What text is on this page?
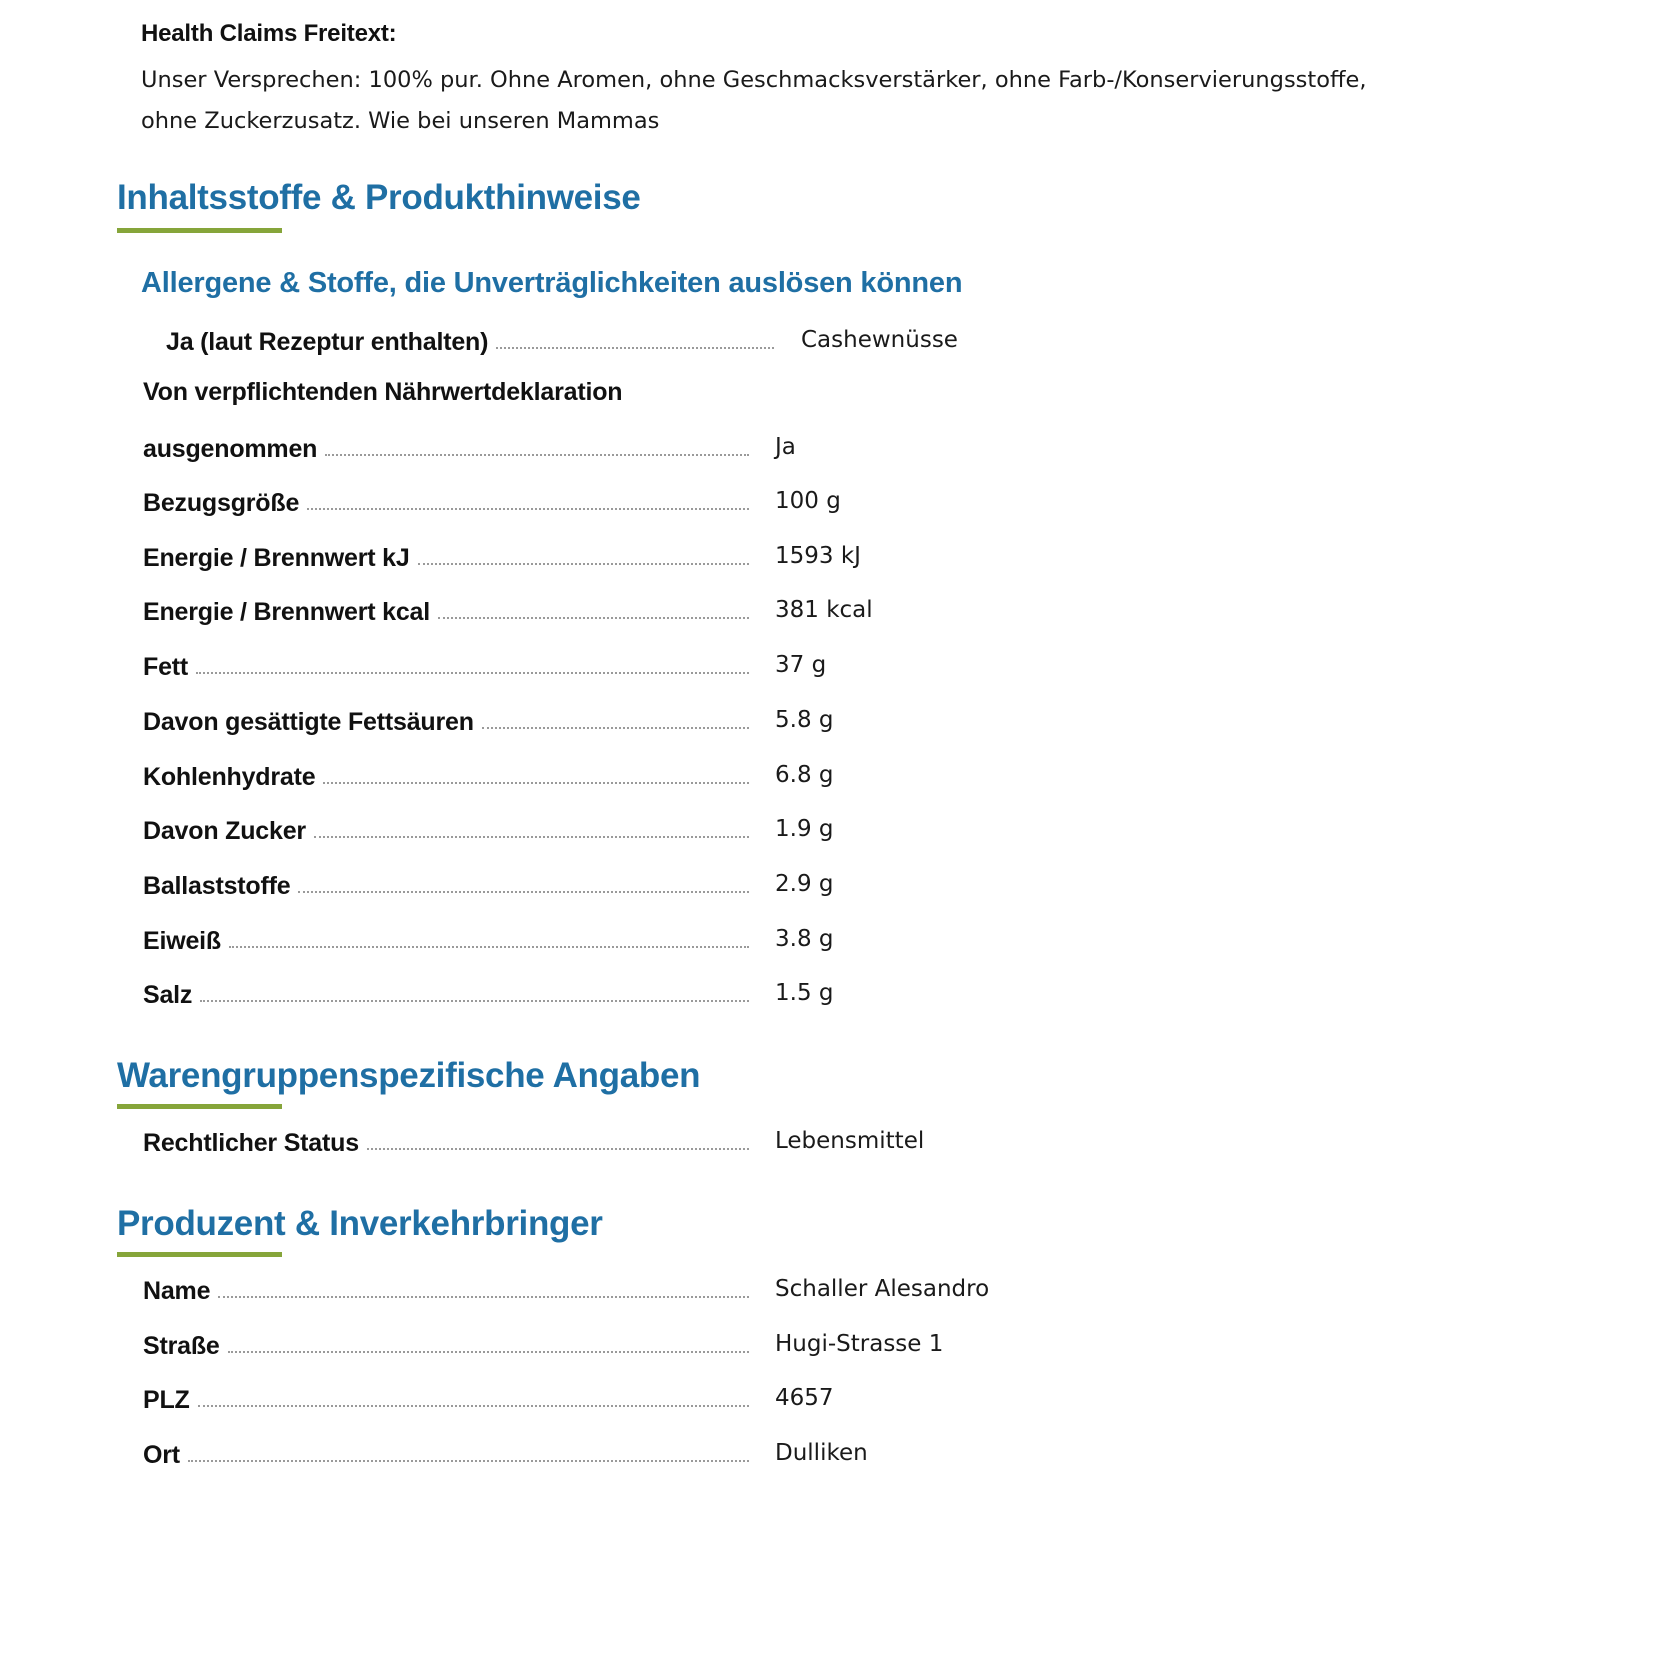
Health Claims Freitext:
Unser Versprechen: 100% pur. Ohne Aromen, ohne Geschmacksverstärker, ohne Farb-/Konservierungsstoffe,
ohne Zuckerzusatz. Wie bei unseren Mammas
Inhaltsstoffe & Produkthinweise
Allergene & Stoffe, die Unverträglichkeiten auslösen können
Ja (laut Rezeptur enthalten)	Cashewnüsse
Von verpflichtenden Nährwertdeklaration
ausgenommen	Ja
Bezugsgröße	100 g
Energie / Brennwert kJ	1593 kJ
Energie / Brennwert kcal	381 kcal
Fett	37 g
Davon gesättigte Fettsäuren	5.8 g
Kohlenhydrate	6.8 g
Davon Zucker	1.9 g
Ballaststoffe	2.9 g
Eiweiß	3.8 g
Salz	1.5 g
Warengruppenspezifische Angaben
Rechtlicher Status	Lebensmittel
Produzent & Inverkehrbringer
Name	Schaller Alesandro
Straße	Hugi-Strasse 1
PLZ	4657
Ort	Dulliken
